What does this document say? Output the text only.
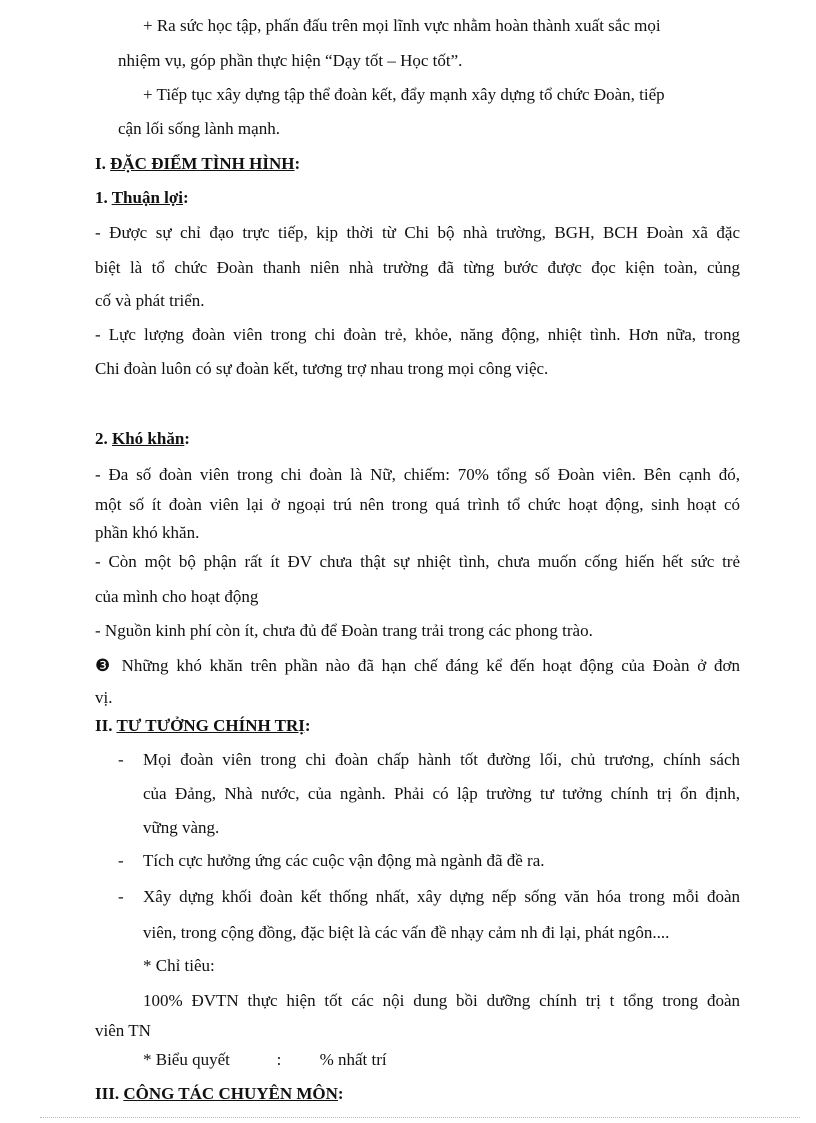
+ Ra sức học tập, phấn đấu trên mọi lĩnh vực nhằm hoàn thành xuất sắc mọi
nhiệm vụ, góp phần thực hiện “Dạy tốt – Học tốt”.
+ Tiếp tục xây dựng tập thể đoàn kết, đẩy mạnh xây dựng tổ chức Đoàn, tiếp
cận lối sống lành mạnh.
I. ĐẶC ĐIỂM TÌNH HÌNH:
1. Thuận lợi:
- Được sự chỉ đạo trực tiếp, kịp thời từ Chi bộ nhà trường, BGH, BCH Đoàn xã đặc
biệt là tổ chức Đoàn thanh niên nhà trường đã từng bước được đọc kiện toàn, củng
cố và phát triển.
- Lực lượng đoàn viên trong chi đoàn trẻ, khỏe, năng động, nhiệt tình. Hơn nữa, trong
Chi đoàn luôn có sự đoàn kết, tương trợ nhau trong mọi công việc.
2. Khó khăn:
- Đa số đoàn viên trong chi đoàn là Nữ, chiếm: 70% tổng số Đoàn viên. Bên cạnh đó,
một số ít đoàn viên lại ở ngoại trú nên trong quá trình tổ chức hoạt động, sinh hoạt có
phần khó khăn.
- Còn một bộ phận rất ít ĐV chưa thật sự nhiệt tình, chưa muốn cống hiến hết sức trẻ
của mình cho hoạt động
- Nguồn kinh phí còn ít, chưa đủ để Đoàn trang trải trong các phong trào.
❸ Những khó khăn trên phần nào đã hạn chế đáng kể đến hoạt động của Đoàn ở đơn
vị.
II. TƯ TƯỞNG CHÍNH TRỊ:
- Mọi đoàn viên trong chi đoàn chấp hành tốt đường lối, chủ trương, chính sách
của Đảng, Nhà nước, của ngành. Phải có lập trường tư tưởng chính trị ổn định,
vững vàng.
- Tích cực hưởng ứng các cuộc vận động mà ngành đã đề ra.
- Xây dựng khối đoàn kết thống nhất, xây dựng nếp sống văn hóa trong mỗi đoàn
viên, trong cộng đồng, đặc biệt là các vấn đề nhạy cảm nh đi lại, phát ngôn....
* Chỉ tiêu:
100% ĐVTN thực hiện tốt các nội dung bồi dưỡng chính trị t tổng trong đoàn
viên TN
* Biểu quyết           :         % nhất trí
III. CÔNG TÁC CHUYÊN MÔN:
